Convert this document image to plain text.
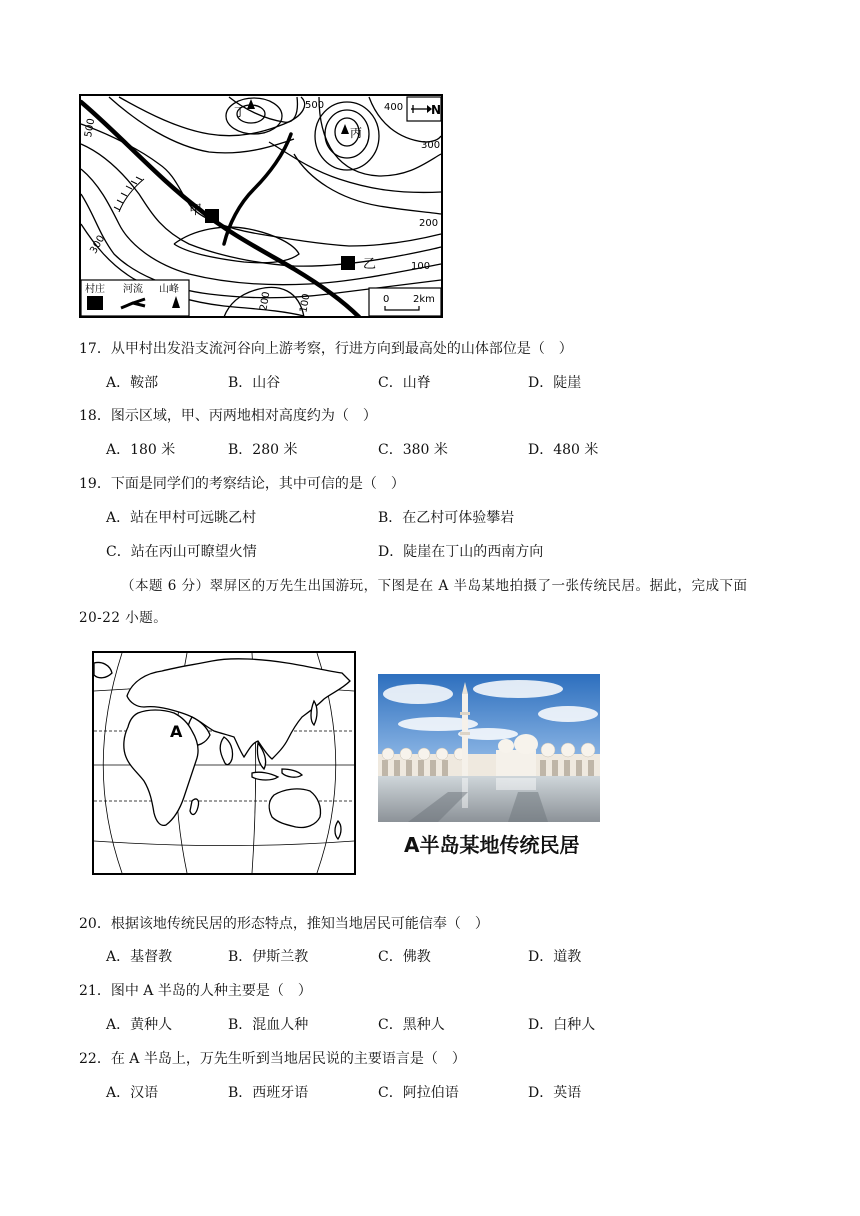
丁
丙
甲
乙
500	400
500
300
300
200
100
200	100
N
村庄 河流 山峰
0 2km
17．从甲村出发沿支流河谷向上游考察，行进方向到最高处的山体部位是（　）
A．鞍部	B．山谷	C．山脊	D．陡崖
18．图示区域，甲、丙两地相对高度约为（　）
A．180 米	B．280 米	C．380 米	D．480 米
19．下面是同学们的考察结论，其中可信的是（　）
A．站在甲村可远眺乙村	B．在乙村可体验攀岩
C．站在丙山可瞭望火情	D．陡崖在丁山的西南方向
（本题 6 分）翠屏区的万先生出国游玩，下图是在 A 半岛某地拍摄了一张传统民居。据此，完成下面
20-22 小题。
A
A半岛某地传统民居
20．根据该地传统民居的形态特点，推知当地居民可能信奉（　）
A．基督教	B．伊斯兰教	C．佛教	D．道教
21．图中 A 半岛的人种主要是（　）
A．黄种人	B．混血人种	C．黑种人	D．白种人
22．在 A 半岛上，万先生听到当地居民说的主要语言是（　）
A．汉语	B．西班牙语	C．阿拉伯语	D．英语
